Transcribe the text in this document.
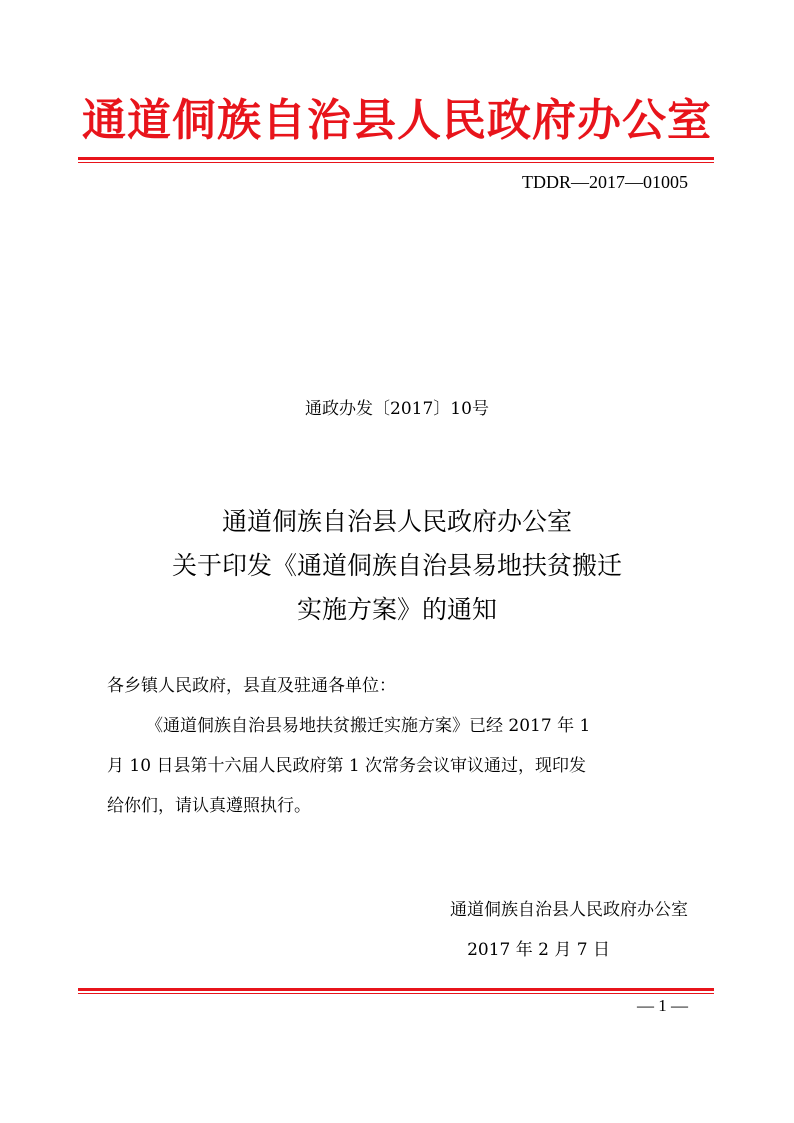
通道侗族自治县人民政府办公室
TDDR—2017—01005
通政办发〔2017〕10号
通道侗族自治县人民政府办公室
关于印发《通道侗族自治县易地扶贫搬迁
实施方案》的通知
各乡镇人民政府，县直及驻通各单位：
《通道侗族自治县易地扶贫搬迁实施方案》已经 2017 年 1
月 10 日县第十六届人民政府第 1 次常务会议审议通过，现印发
给你们，请认真遵照执行。
通道侗族自治县人民政府办公室
2017 年 2 月 7 日
— 1 —
